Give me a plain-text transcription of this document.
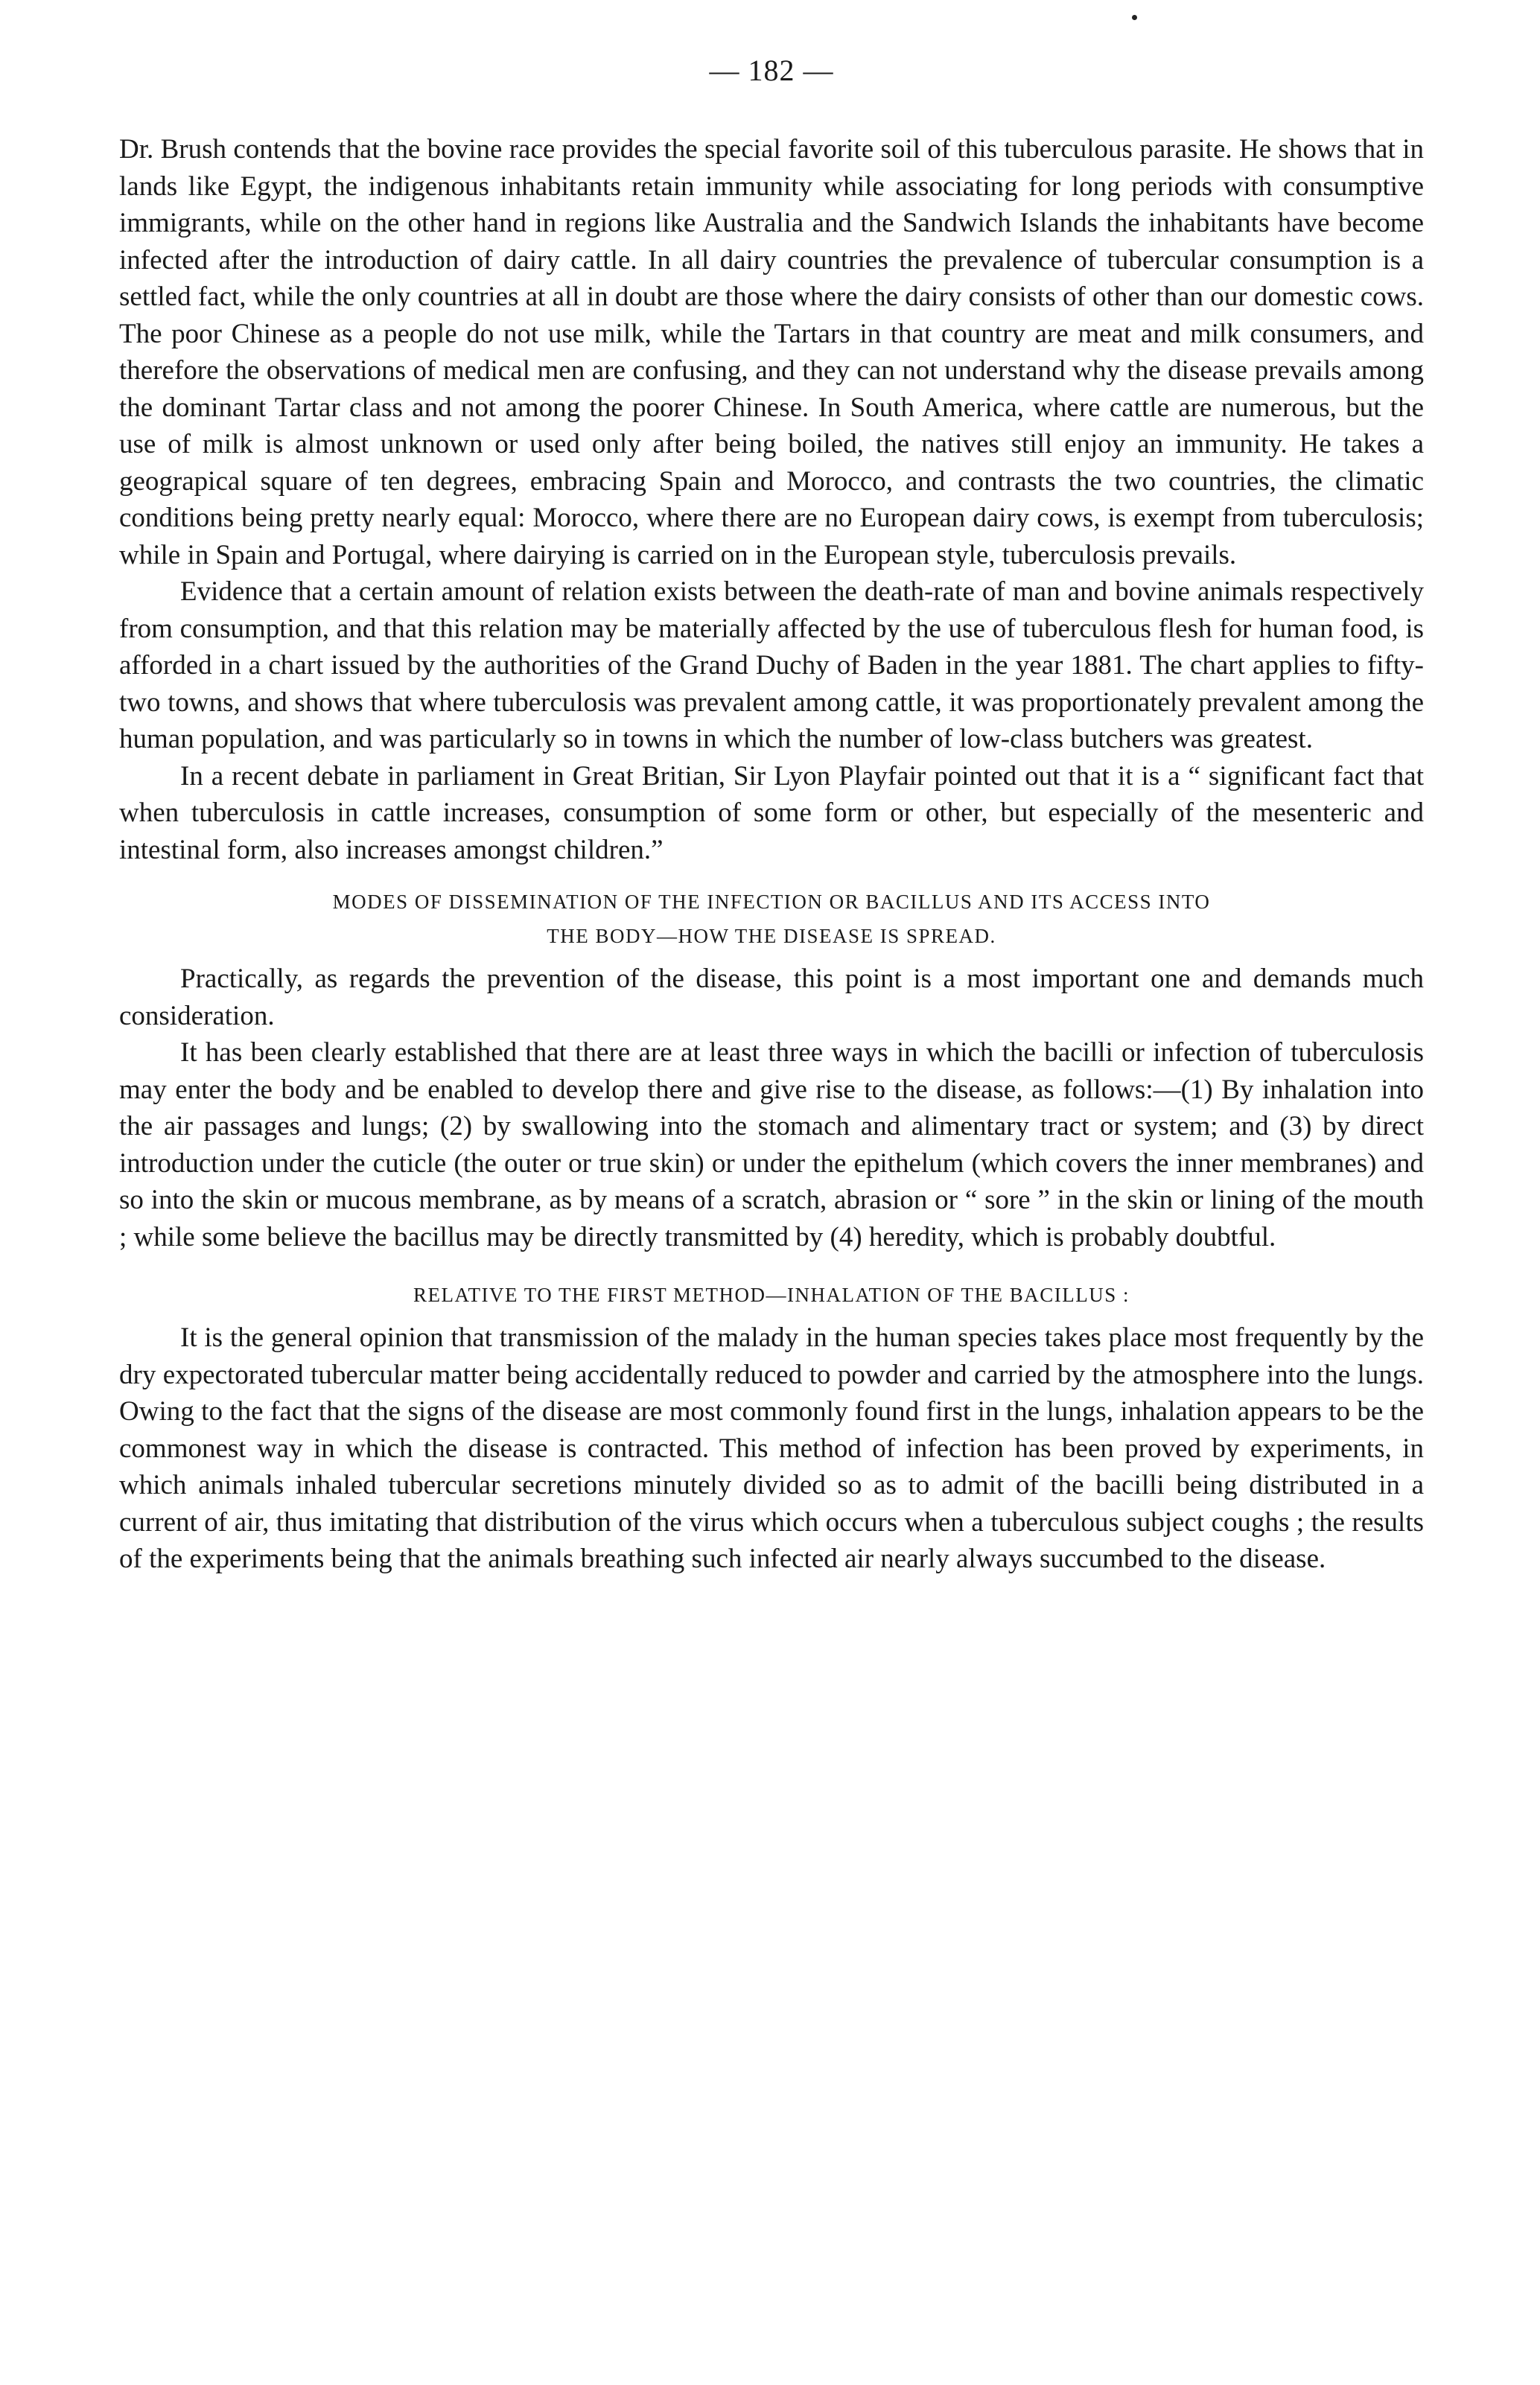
— 182 —

Dr. Brush contends that the bovine race provides the special favorite soil of this tuberculous parasite. He shows that in lands like Egypt, the indigenous inhabitants retain immunity while associating for long periods with consumptive immigrants, while on the other hand in regions like Australia and the Sandwich Islands the inhabitants have become infected after the introduction of dairy cattle. In all dairy countries the prevalence of tubercular consumption is a settled fact, while the only countries at all in doubt are those where the dairy consists of other than our domestic cows. The poor Chinese as a people do not use milk, while the Tartars in that country are meat and milk consumers, and therefore the observations of medical men are confusing, and they can not understand why the disease prevails among the dominant Tartar class and not among the poorer Chinese. In South America, where cattle are numerous, but the use of milk is almost unknown or used only after being boiled, the natives still enjoy an immunity. He takes a geograpical square of ten degrees, embracing Spain and Morocco, and contrasts the two countries, the climatic conditions being pretty nearly equal: Morocco, where there are no European dairy cows, is exempt from tuberculosis; while in Spain and Portugal, where dairying is carried on in the European style, tuberculosis prevails.

Evidence that a certain amount of relation exists between the death-rate of man and bovine animals respectively from consumption, and that this relation may be materially affected by the use of tuberculous flesh for human food, is afforded in a chart issued by the authorities of the Grand Duchy of Baden in the year 1881. The chart applies to fifty-two towns, and shows that where tuberculosis was prevalent among cattle, it was proportionately prevalent among the human population, and was particularly so in towns in which the number of low-class butchers was greatest.

In a recent debate in parliament in Great Britian, Sir Lyon Playfair pointed out that it is a “ significant fact that when tuberculosis in cattle increases, consumption of some form or other, but especially of the mesenteric and intestinal form, also increases amongst children.”

MODES OF DISSEMINATION OF THE INFECTION OR BACILLUS AND ITS ACCESS INTO
THE BODY—HOW THE DISEASE IS SPREAD.

Practically, as regards the prevention of the disease, this point is a most important one and demands much consideration.

It has been clearly established that there are at least three ways in which the bacilli or infection of tuberculosis may enter the body and be enabled to develop there and give rise to the disease, as follows:—(1) By inhalation into the air passages and lungs; (2) by swallowing into the stomach and alimentary tract or system; and (3) by direct introduction under the cuticle (the outer or true skin) or under the epithelum (which covers the inner membranes) and so into the skin or mucous membrane, as by means of a scratch, abrasion or “ sore ” in the skin or lining of the mouth ; while some believe the bacillus may be directly transmitted by (4) heredity, which is probably doubtful.

RELATIVE TO THE FIRST METHOD—INHALATION OF THE BACILLUS :

It is the general opinion that transmission of the malady in the human species takes place most frequently by the dry expectorated tubercular matter being accidentally reduced to powder and carried by the atmosphere into the lungs. Owing to the fact that the signs of the disease are most commonly found first in the lungs, inhalation appears to be the commonest way in which the disease is contracted. This method of infection has been proved by experiments, in which animals inhaled tubercular secretions minutely divided so as to admit of the bacilli being distributed in a current of air, thus imitating that distribution of the virus which occurs when a tuberculous subject coughs ; the results of the experiments being that the animals breathing such infected air nearly always succumbed to the disease.
